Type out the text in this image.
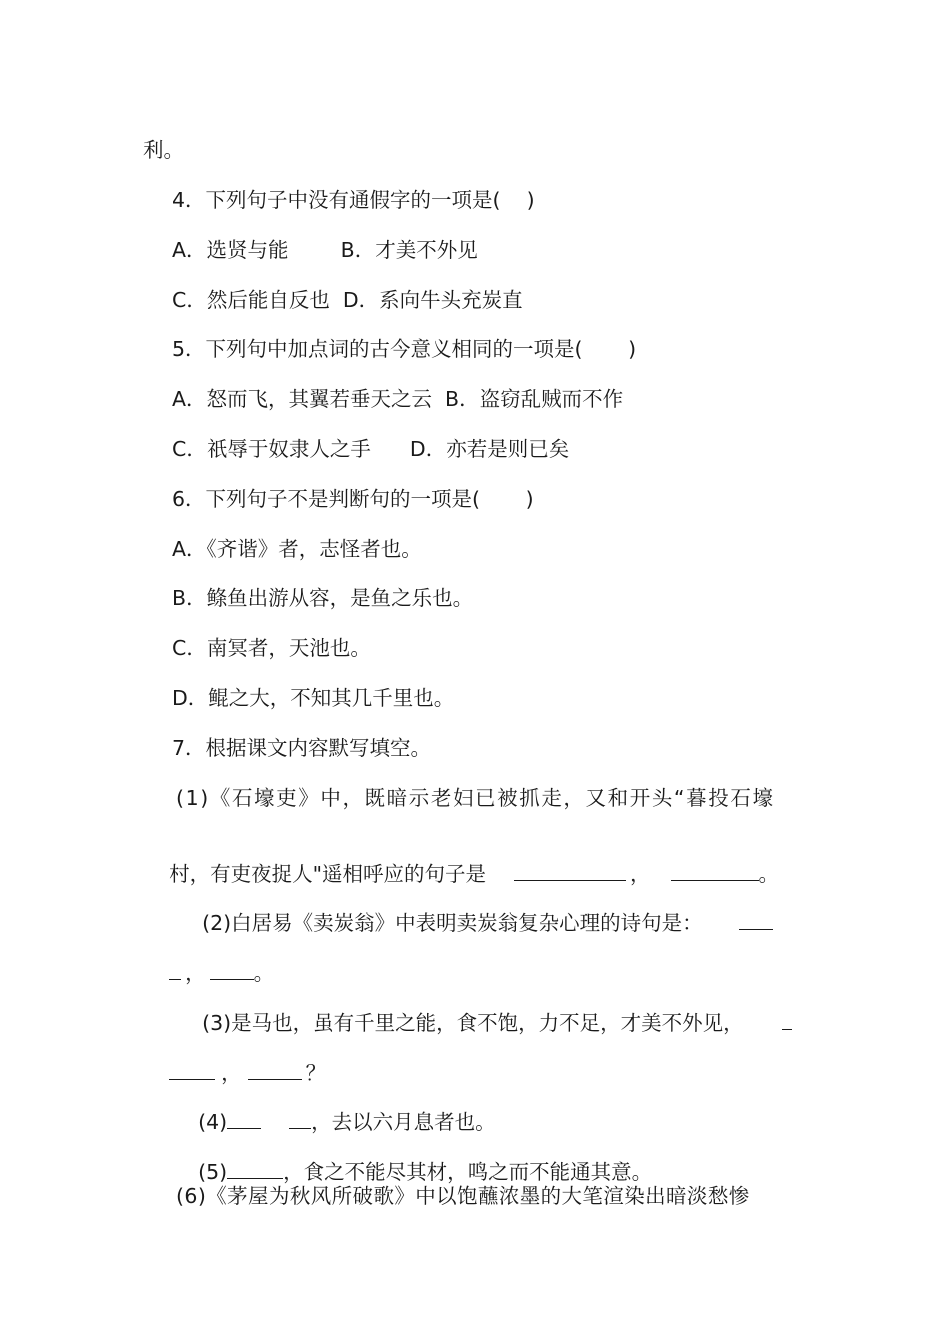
利。
4．下列句子中没有通假字的一项是(    )
A．选贤与能        B．才美不外见
C．然后能自反也  D．系向牛头充炭直
5．下列句中加点词的古今意义相同的一项是(       )
A．怒而飞，其翼若垂天之云  B．盗窃乱贼而不作
C．祇辱于奴隶人之手      D．亦若是则已矣
6．下列句子不是判断句的一项是(       )
A．《齐谐》者，志怪者也。
B．鲦鱼出游从容，是鱼之乐也。
C．南冥者，天池也。
D．鲲之大，不知其几千里也。
7．根据课文内容默写填空。
(1)《石壕吏》中，既暗示老妇已被抓走，又和开头“暮投石壕

村，有吏夜捉人"遥相呼应的句子是	，	。

(2)白居易《卖炭翁》中表明卖炭翁复杂心理的诗句是：

， 。

(3)是马也，虽有千里之能，食不饱，力不足，才美不外见，

，	？

(4)	，去以六月息者也。

(5)	，食之不能尽其材，鸣之而不能通其意。

(6)《茅屋为秋风所破歌》中以饱蘸浓墨的大笔渲染出暗淡愁惨
